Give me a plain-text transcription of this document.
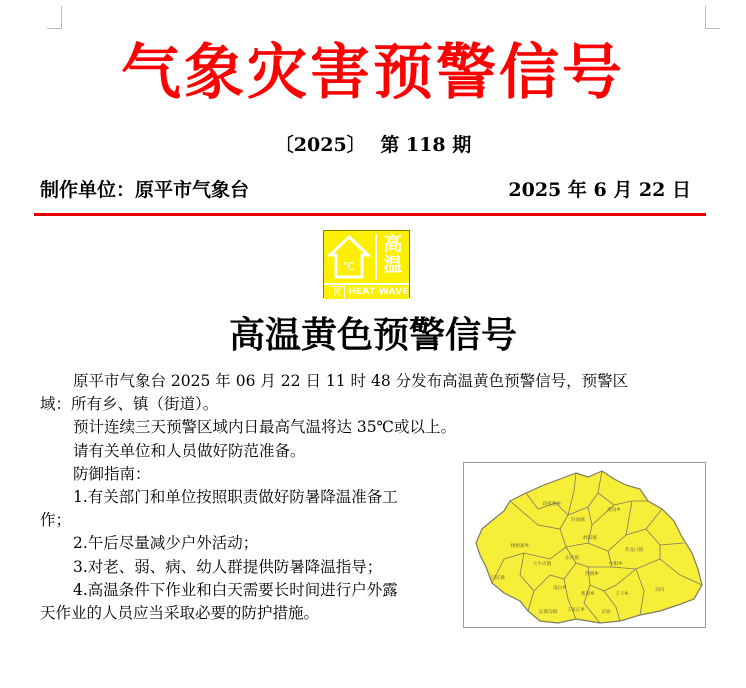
气象灾害预警信号
〔2025〕 第 118 期
制作单位：原平市气象台	2025 年 6 月 22 日
℃
高
温
黄 HEAT WAVE
高温黄色预警信号
原平市气象台 2025 年 06 月 22 日 11 时 48 分发布高温黄色预警信号，预警区
域：所有乡、镇（街道）。
预计连续三天预警区域内日最高气温将达 35℃或以上。
请有关单位和人员做好防范准备。
防御指南：
1.有关部门和单位按照职责做好防暑降温准备工
作；
2.午后尽量减少户外活动；
3.对老、弱、病、幼人群提供防暑降温指导；
4.高温条件下作业和白天需要长时间进行户外露
天作业的人员应当采取必要的防护措施。
段家堡乡
沿沟乡
轩岗镇
楼板寨乡
崞阳镇
苏龙口镇
东社镇
大牛店镇	中阳乡
闫庄镇
南白乡
西镇乡
新原乡	子干乡
同川
长梁沟镇 王家庄乡	京原
